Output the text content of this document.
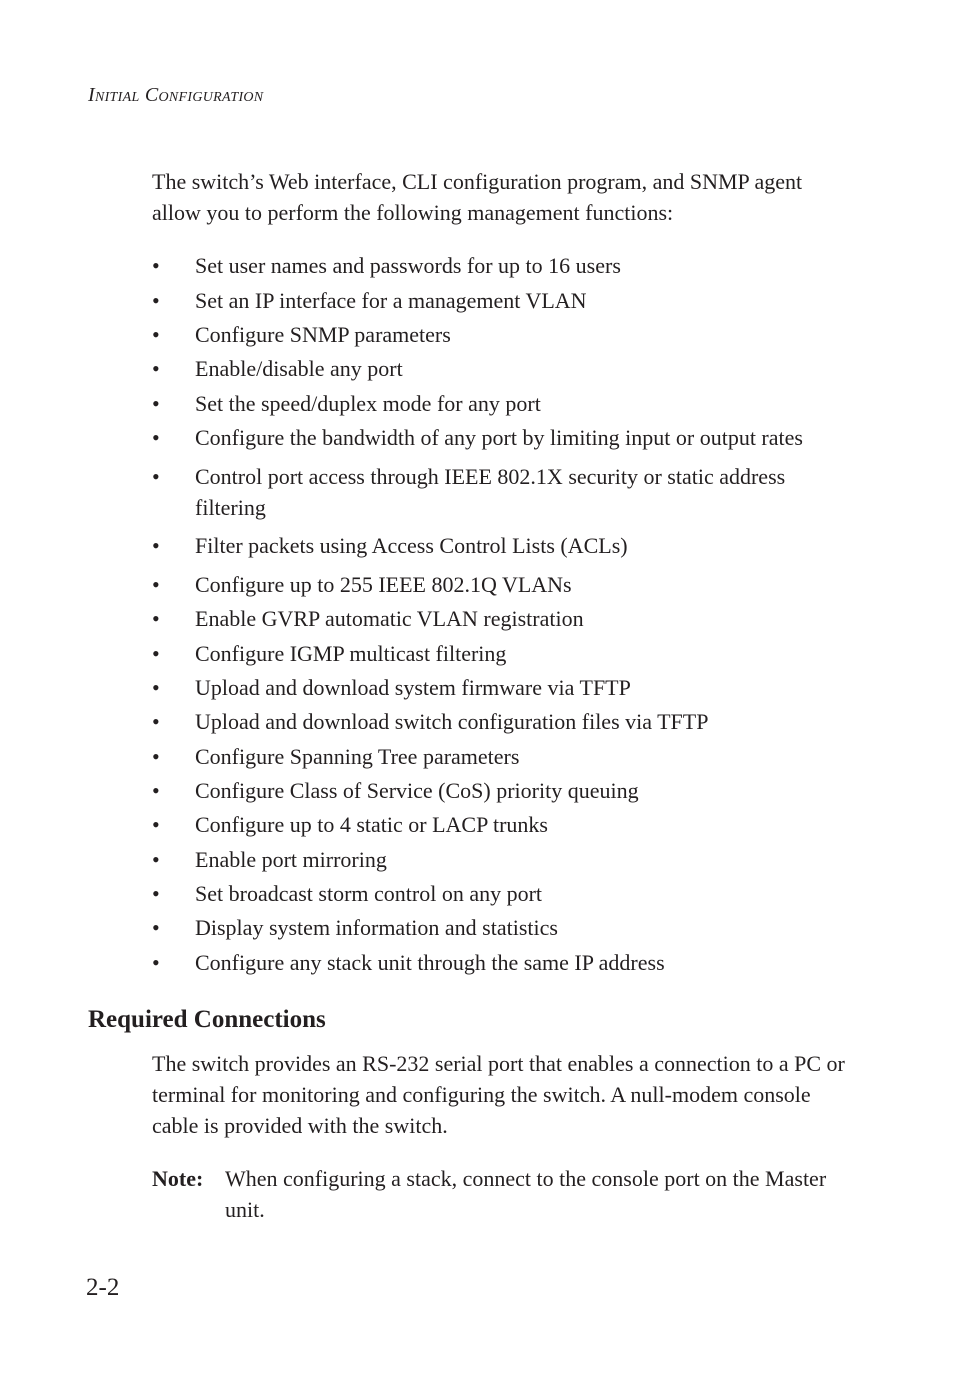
Initial Configuration

The switch’s Web interface, CLI configuration program, and SNMP agent allow you to perform the following management functions:

•	Set user names and passwords for up to 16 users
•	Set an IP interface for a management VLAN
•	Configure SNMP parameters
•	Enable/disable any port
•	Set the speed/duplex mode for any port
•	Configure the bandwidth of any port by limiting input or output rates
•	Control port access through IEEE 802.1X security or static address filtering
•	Filter packets using Access Control Lists (ACLs)
•	Configure up to 255 IEEE 802.1Q VLANs
•	Enable GVRP automatic VLAN registration
•	Configure IGMP multicast filtering
•	Upload and download system firmware via TFTP
•	Upload and download switch configuration files via TFTP
•	Configure Spanning Tree parameters
•	Configure Class of Service (CoS) priority queuing
•	Configure up to 4 static or LACP trunks
•	Enable port mirroring
•	Set broadcast storm control on any port
•	Display system information and statistics
•	Configure any stack unit through the same IP address
Required Connections

The switch provides an RS-232 serial port that enables a connection to a PC or terminal for monitoring and configuring the switch. A null-modem console cable is provided with the switch.

Note: When configuring a stack, connect to the console port on the Master unit.
2-2
